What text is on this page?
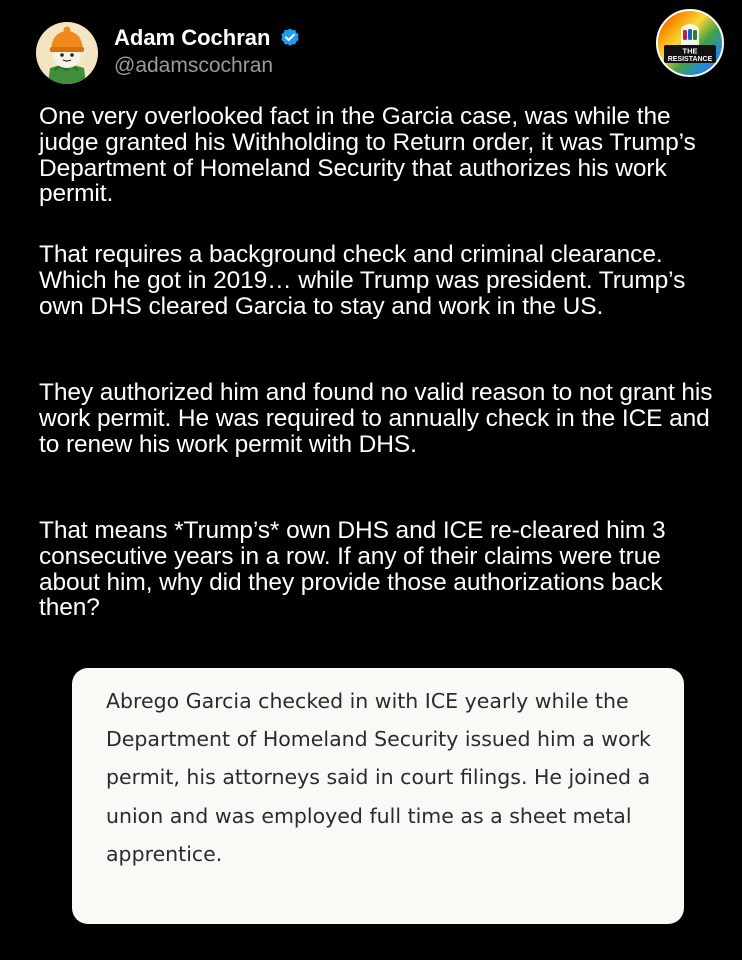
Adam Cochran
@adamscochran
THE
RESISTANCE

One very overlooked fact in the Garcia case, was while the judge granted his Withholding to Return order, it was Trump’s Department of Homeland Security that authorizes his work permit.

That requires a background check and criminal clearance. Which he got in 2019… while Trump was president. Trump’s own DHS cleared Garcia to stay and work in the US.

They authorized him and found no valid reason to not grant his work permit. He was required to annually check in the ICE and to renew his work permit with DHS.

That means *Trump’s* own DHS and ICE re-cleared him 3 consecutive years in a row. If any of their claims were true about him, why did they provide those authorizations back then?

Abrego Garcia checked in with ICE yearly while the Department of Homeland Security issued him a work permit, his attorneys said in court filings. He joined a union and was employed full time as a sheet metal apprentice.
